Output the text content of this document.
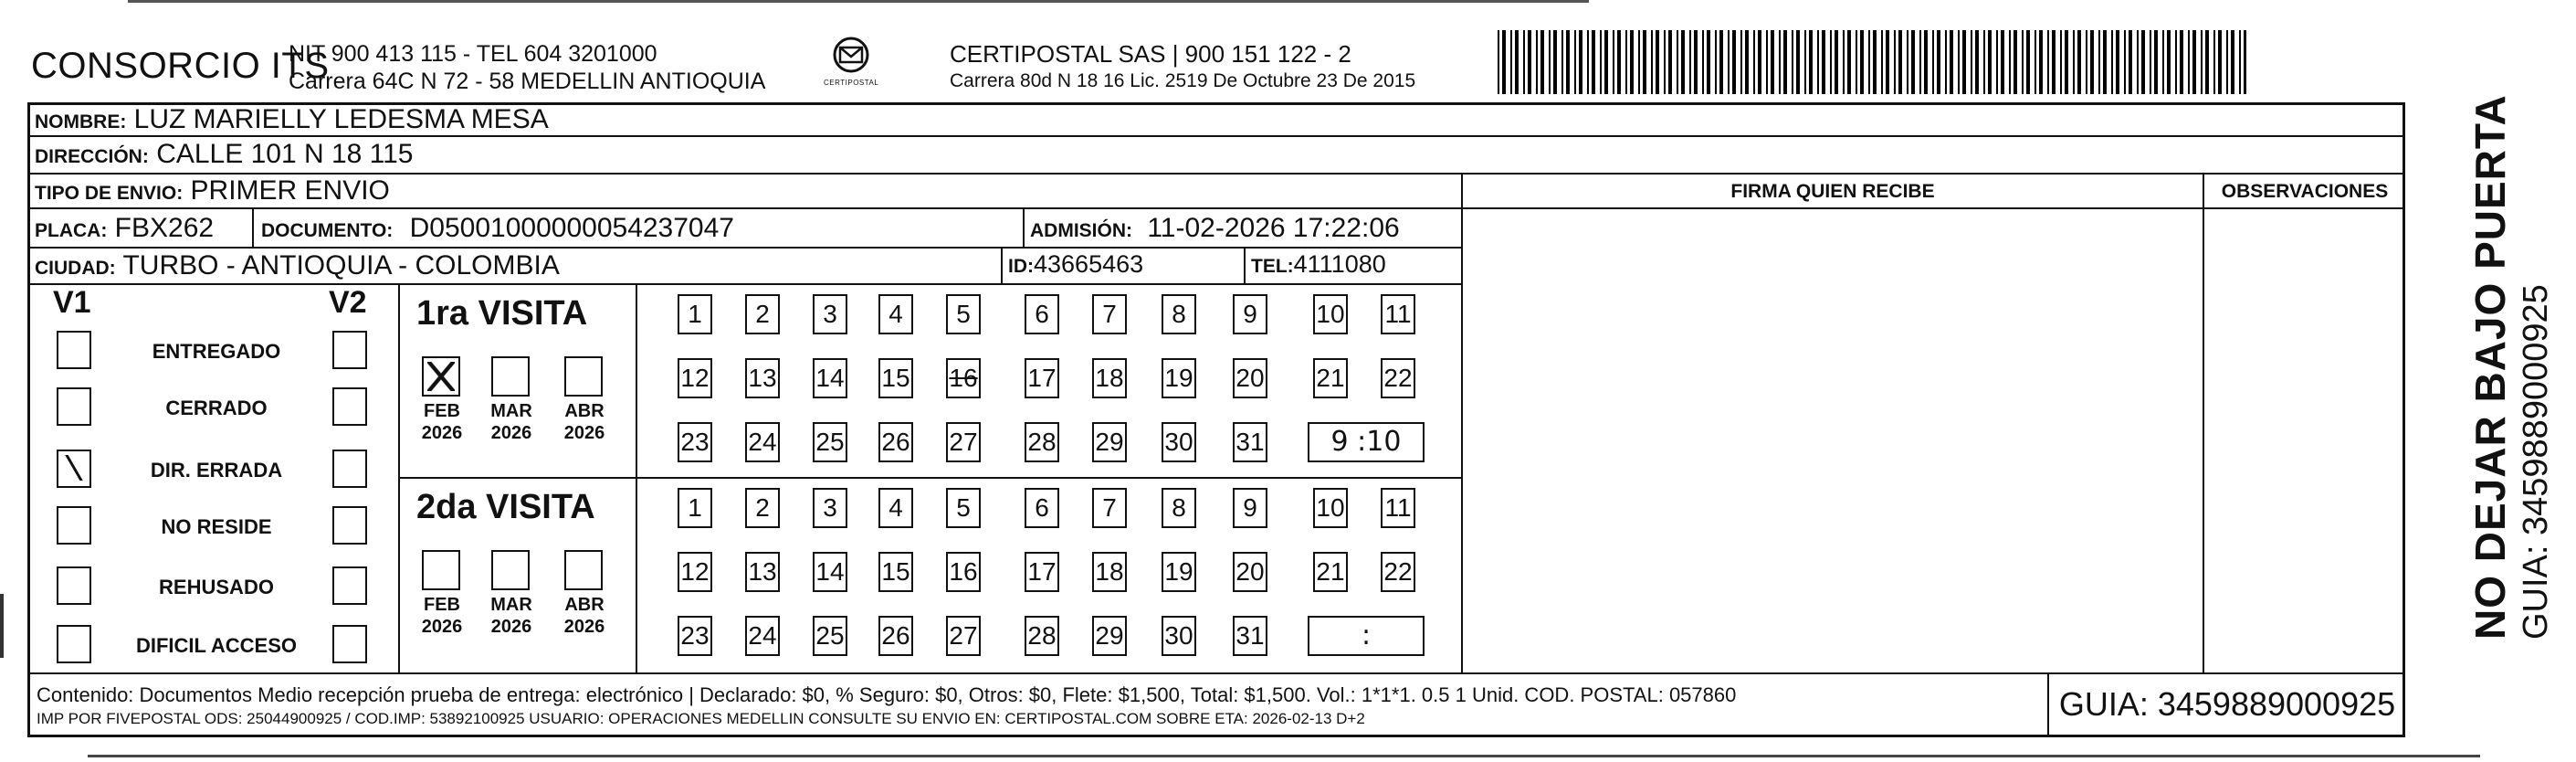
CONSORCIO ITS
NIT 900 413 115 - TEL 604 3201000
Carrera 64C N 72 - 58 MEDELLIN ANTIOQUIA	CERTIPOSTAL
CERTIPOSTAL SAS | 900 151 122 - 2
Carrera 80d N 18 16 Lic. 2519 De Octubre 23 De 2015
NOMBRE: LUZ MARIELLY LEDESMA MESA
DIRECCIÓN: CALLE 101 N 18 115
TIPO DE ENVIO: PRIMER ENVIO	FIRMA QUIEN RECIBE	OBSERVACIONES
PLACA: FBX262 DOCUMENTO: D05001000000054237047	ADMISIÓN: 11-02-2026 17:22:06
CIUDAD: TURBO - ANTIOQUIA - COLOMBIA	ID:43665463	TEL:4111080
V1	V2
ENTREGADO
CERRADO
DIR. ERRADA
NO RESIDE
REHUSADO
DIFICIL ACCESO
1ra VISITA
FEB
2026
MAR
2026
ABR
2026
1	2	3	4	5	6	7	8	9	10 11
12 13 14 15 16 17 18 19 20 21 22
23 24 25 26 27 28 29 30 31	9 :10
2da VISITA
FEB
2026
MAR
2026
ABR
2026
1	2	3	4	5	6	7	8	9	10 11
12 13 14 15 16 17 18 19 20 21 22
23 24 25 26 27 28 29 30 31	:
Contenido: Documentos Medio recepción prueba de entrega: electrónico | Declarado: $0, % Seguro: $0, Otros: $0, Flete: $1,500, Total: $1,500. Vol.: 1*1*1. 0.5 1 Unid. COD. POSTAL: 057860
IMP POR FIVEPOSTAL ODS: 25044900925 / COD.IMP: 53892100925 USUARIO: OPERACIONES MEDELLIN CONSULTE SU ENVIO EN: CERTIPOSTAL.COM SOBRE ETA: 2026-02-13 D+2	GUIA: 3459889000925
NO DEJAR BAJO PUERTA GUIA: 3459889000925
